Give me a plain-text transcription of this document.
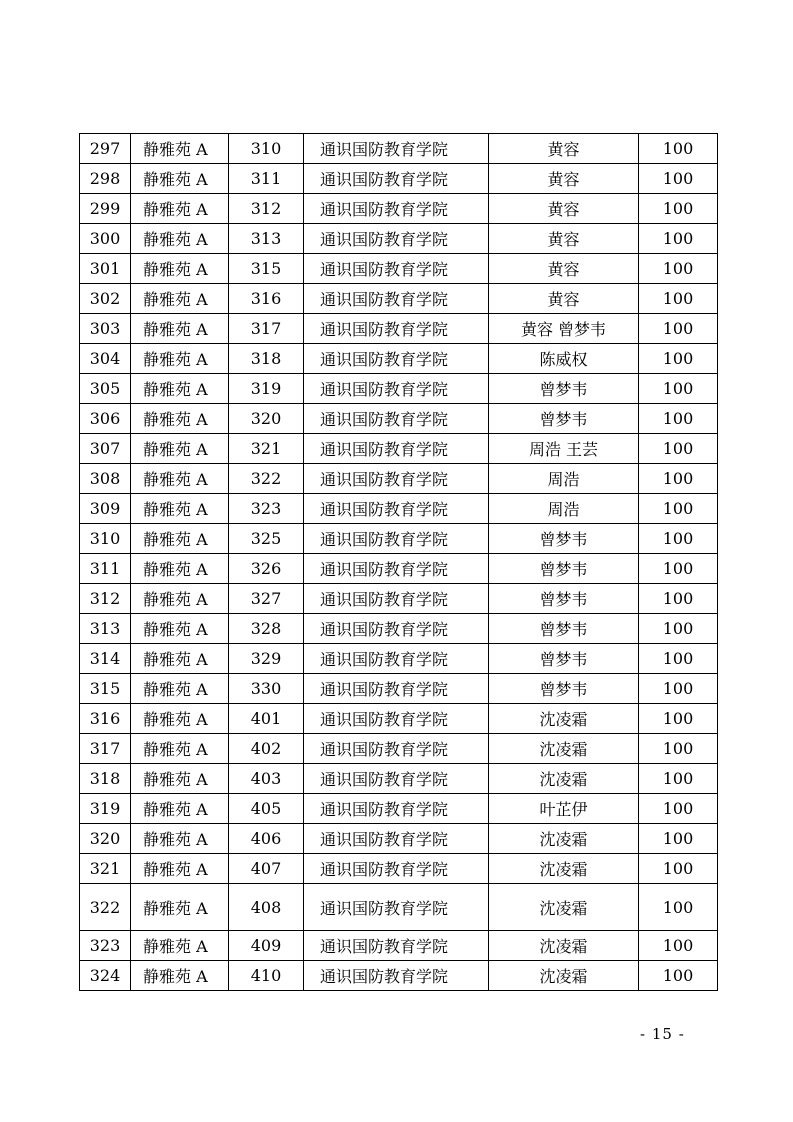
297	静雅苑 A	310	通识国防教育学院	黄容	100
298	静雅苑 A	311	通识国防教育学院	黄容	100
299	静雅苑 A	312	通识国防教育学院	黄容	100
300	静雅苑 A	313	通识国防教育学院	黄容	100
301	静雅苑 A	315	通识国防教育学院	黄容	100
302	静雅苑 A	316	通识国防教育学院	黄容	100
303	静雅苑 A	317	通识国防教育学院	黄容 曾梦韦	100
304	静雅苑 A	318	通识国防教育学院	陈威权	100
305	静雅苑 A	319	通识国防教育学院	曾梦韦	100
306	静雅苑 A	320	通识国防教育学院	曾梦韦	100
307	静雅苑 A	321	通识国防教育学院	周浩 王芸	100
308	静雅苑 A	322	通识国防教育学院	周浩	100
309	静雅苑 A	323	通识国防教育学院	周浩	100
310	静雅苑 A	325	通识国防教育学院	曾梦韦	100
311	静雅苑 A	326	通识国防教育学院	曾梦韦	100
312	静雅苑 A	327	通识国防教育学院	曾梦韦	100
313	静雅苑 A	328	通识国防教育学院	曾梦韦	100
314	静雅苑 A	329	通识国防教育学院	曾梦韦	100
315	静雅苑 A	330	通识国防教育学院	曾梦韦	100
316	静雅苑 A	401	通识国防教育学院	沈凌霜	100
317	静雅苑 A	402	通识国防教育学院	沈凌霜	100
318	静雅苑 A	403	通识国防教育学院	沈凌霜	100
319	静雅苑 A	405	通识国防教育学院	叶芷伊	100
320	静雅苑 A	406	通识国防教育学院	沈凌霜	100
321	静雅苑 A	407	通识国防教育学院	沈凌霜	100
322	静雅苑 A	408	通识国防教育学院	沈凌霜	100
323	静雅苑 A	409	通识国防教育学院	沈凌霜	100
324	静雅苑 A	410	通识国防教育学院	沈凌霜	100
- 15 -
